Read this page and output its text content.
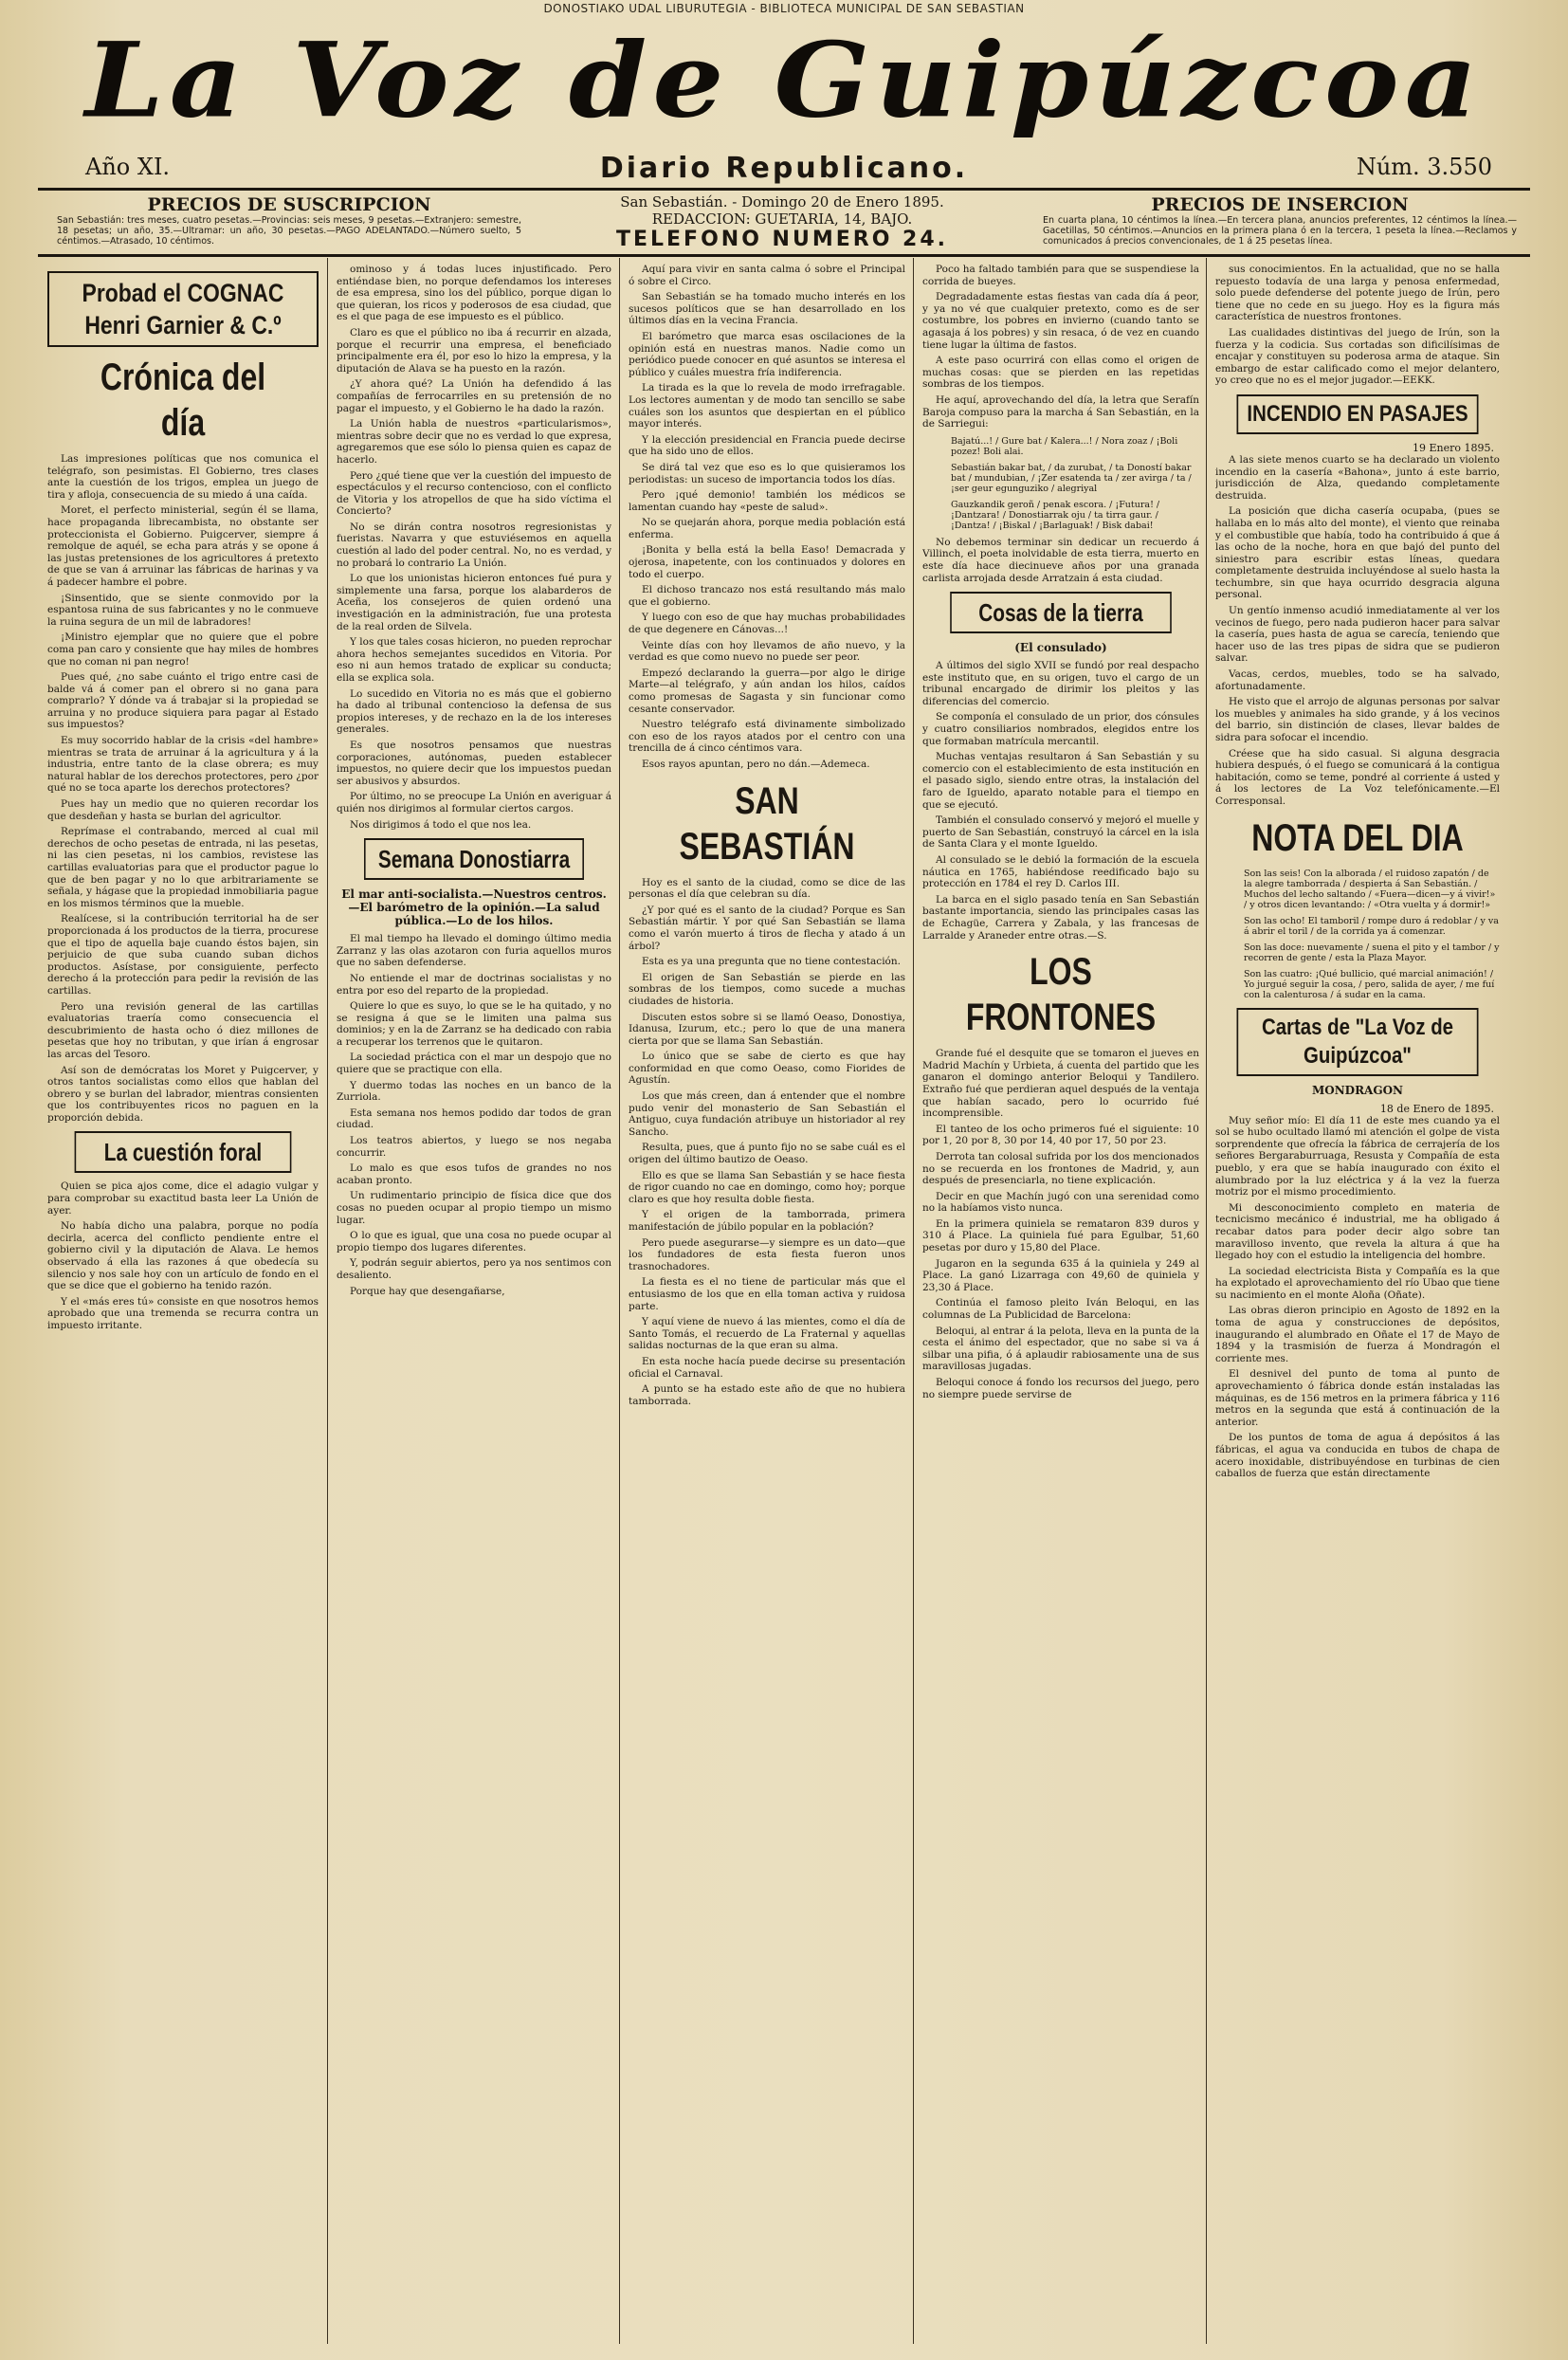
DONOSTIAKO UDAL LIBURUTEGIA - BIBLIOTECA MUNICIPAL DE SAN SEBASTIAN
La Voz de Guipúzcoa
Año XI.	Diario Republicano.	Núm. 3.550
PRECIOS DE SUSCRIPCION
San Sebastián: tres meses, cuatro pesetas.—Provincias: seis meses, 9 pesetas.—Extranjero: semestre, 18 pesetas; un año, 35.—Ultramar: un año, 30 pesetas.—PAGO ADELANTADO.—Número suelto, 5 céntimos.—Atrasado, 10 céntimos.
San Sebastián. - Domingo 20 de Enero 1895.
REDACCION: GUETARIA, 14, BAJO.
TELEFONO NUMERO 24.
PRECIOS DE INSERCION
En cuarta plana, 10 céntimos la línea.—En tercera plana, anuncios preferentes, 12 céntimos la línea.—Gacetillas, 50 céntimos.—Anuncios en la primera plana ó en la tercera, 1 peseta la línea.—Reclamos y comunicados á precios convencionales, de 1 á 25 pesetas línea.
Probad el COGNAC
Henri Garnier & C.º
Crónica del día

Las impresiones políticas que nos comunica el telégrafo, son pesimistas. El Gobierno, tres clases ante la cuestión de los trigos, emplea un juego de tira y afloja, consecuencia de su miedo á una caída.

Moret, el perfecto ministerial, según él se llama, hace propaganda librecambista, no obstante ser proteccionista el Gobierno. Puigcerver, siempre á remolque de aquél, se echa para atrás y se opone á las justas pretensiones de los agricultores á pretexto de que se van á arruinar las fábricas de harinas y va á padecer hambre el pobre.

¡Sinsentido, que se siente conmovido por la espantosa ruina de sus fabricantes y no le conmueve la ruina segura de un mil de labradores!

¡Ministro ejemplar que no quiere que el pobre coma pan caro y consiente que hay miles de hombres que no coman ni pan negro!

Pues qué, ¿no sabe cuánto el trigo entre casi de balde vá á comer pan el obrero si no gana para comprarlo? Y dónde va á trabajar si la propiedad se arruina y no produce siquiera para pagar al Estado sus impuestos?

Es muy socorrido hablar de la crisis «del hambre» mientras se trata de arruinar á la agricultura y á la industria, entre tanto de la clase obrera; es muy natural hablar de los derechos protectores, pero ¿por qué no se toca aparte los derechos protectores?

Pues hay un medio que no quieren recordar los que desdeñan y hasta se burlan del agricultor.

Reprímase el contrabando, merced al cual mil derechos de ocho pesetas de entrada, ni las pesetas, ni las cien pesetas, ni los cambios, revistese las cartillas evaluatorias para que el productor pague lo que de ben pagar y no lo que arbitrariamente se señala, y hágase que la propiedad inmobiliaria pague en los mismos términos que la mueble.

Realícese, si la contribución territorial ha de ser proporcionada á los productos de la tierra, procurese que el tipo de aquella baje cuando éstos bajen, sin perjuicio de que suba cuando suban dichos productos. Asístase, por consiguiente, perfecto derecho á la protección para pedir la revisión de las cartillas.

Pero una revisión general de las cartillas evaluatorias traería como consecuencia el descubrimiento de hasta ocho ó diez millones de pesetas que hoy no tributan, y que irían á engrosar las arcas del Tesoro.

Así son de demócratas los Moret y Puigcerver, y otros tantos socialistas como ellos que hablan del obrero y se burlan del labrador, mientras consienten que los contribuyentes ricos no paguen en la proporción debida.

La cuestión foral

Quien se pica ajos come, dice el adagio vulgar y para comprobar su exactitud basta leer La Unión de ayer.

No había dicho una palabra, porque no podía decirla, acerca del conflicto pendiente entre el gobierno civil y la diputación de Alava. Le hemos observado á ella las razones á que obedecía su silencio y nos sale hoy con un artículo de fondo en el que se dice que el gobierno ha tenido razón.

Y el «más eres tú» consiste en que nosotros hemos aprobado que una tremenda se recurra contra un impuesto irritante.

ominoso y á todas luces injustificado. Pero entiéndase bien, no porque defendamos los intereses de esa empresa, sino los del público, porque digan lo que quieran, los ricos y poderosos de esa ciudad, que es el que paga de ese impuesto es el público.

Claro es que el público no iba á recurrir en alzada, porque el recurrir una empresa, el beneficiado principalmente era él, por eso lo hizo la empresa, y la diputación de Alava se ha puesto en la razón.

¿Y ahora qué? La Unión ha defendido á las compañías de ferrocarriles en su pretensión de no pagar el impuesto, y el Gobierno le ha dado la razón.

La Unión habla de nuestros «particularismos», mientras sobre decir que no es verdad lo que expresa, agregaremos que ese sólo lo piensa quien es capaz de hacerlo.

Pero ¿qué tiene que ver la cuestión del impuesto de espectáculos y el recurso contencioso, con el conflicto de Vitoria y los atropellos de que ha sido víctima el Concierto?

No se dirán contra nosotros regresionistas y fueristas. Navarra y que estuviésemos en aquella cuestión al lado del poder central. No, no es verdad, y no probará lo contrario La Unión.

Lo que los unionistas hicieron entonces fué pura y simplemente una farsa, porque los alabarderos de Aceña, los consejeros de quien ordenó una investigación en la administración, fue una protesta de la real orden de Silvela.

Y los que tales cosas hicieron, no pueden reprochar ahora hechos semejantes sucedidos en Vitoria. Por eso ni aun hemos tratado de explicar su conducta; ella se explica sola.

Lo sucedido en Vitoria no es más que el gobierno ha dado al tribunal contencioso la defensa de sus propios intereses, y de rechazo en la de los intereses generales.

Es que nosotros pensamos que nuestras corporaciones, autónomas, pueden establecer impuestos, no quiere decir que los impuestos puedan ser abusivos y absurdos.

Por último, no se preocupe La Unión en averiguar á quién nos dirigimos al formular ciertos cargos.

Nos dirigimos á todo el que nos lea.

Semana Donostiarra
El mar anti-socialista.—Nuestros centros.—El barómetro de la opinión.—La salud pública.—Lo de los hilos.

El mal tiempo ha llevado el domingo último media Zarranz y las olas azotaron con furia aquellos muros que no saben defenderse.

No entiende el mar de doctrinas socialistas y no entra por eso del reparto de la propiedad.

Quiere lo que es suyo, lo que se le ha quitado, y no se resigna á que se le limiten una palma sus dominios; y en la de Zarranz se ha dedicado con rabia a recuperar los terrenos que le quitaron.

La sociedad práctica con el mar un despojo que no quiere que se practique con ella.

Y duermo todas las noches en un banco de la Zurriola.

Esta semana nos hemos podido dar todos de gran ciudad.

Los teatros abiertos, y luego se nos negaba concurrir.

Lo malo es que esos tufos de grandes no nos acaban pronto.

Un rudimentario principio de física dice que dos cosas no pueden ocupar al propio tiempo un mismo lugar.

O lo que es igual, que una cosa no puede ocupar al propio tiempo dos lugares diferentes.

Y, podrán seguir abiertos, pero ya nos sentimos con desaliento.

Porque hay que desengañarse,

Aquí para vivir en santa calma ó sobre el Principal ó sobre el Circo.

San Sebastián se ha tomado mucho interés en los sucesos políticos que se han desarrollado en los últimos días en la vecina Francia.

El barómetro que marca esas oscilaciones de la opinión está en nuestras manos. Nadie como un periódico puede conocer en qué asuntos se interesa el público y cuáles muestra fría indiferencia.

La tirada es la que lo revela de modo irrefragable. Los lectores aumentan y de modo tan sencillo se sabe cuáles son los asuntos que despiertan en el público mayor interés.

Y la elección presidencial en Francia puede decirse que ha sido uno de ellos.

Se dirá tal vez que eso es lo que quisieramos los periodistas: un suceso de importancia todos los días.

Pero ¡qué demonio! también los médicos se lamentan cuando hay «peste de salud».

No se quejarán ahora, porque media población está enferma.

¡Bonita y bella está la bella Easo! Demacrada y ojerosa, inapetente, con los continuados y dolores en todo el cuerpo.

El dichoso trancazo nos está resultando más malo que el gobierno.

Y luego con eso de que hay muchas probabilidades de que degenere en Cánovas...!

Veinte días con hoy llevamos de año nuevo, y la verdad es que como nuevo no puede ser peor.

Empezó declarando la guerra—por algo le dirige Marte—al telégrafo, y aún andan los hilos, caídos como promesas de Sagasta y sin funcionar como cesante conservador.

Nuestro telégrafo está divinamente simbolizado con eso de los rayos atados por el centro con una trencilla de á cinco céntimos vara.

Esos rayos apuntan, pero no dán.—Ademeca.

SAN SEBASTIÁN

Hoy es el santo de la ciudad, como se dice de las personas el día que celebran su día.

¿Y por qué es el santo de la ciudad? Porque es San Sebastián mártir. Y por qué San Sebastián se llama como el varón muerto á tiros de flecha y atado á un árbol?

Esta es ya una pregunta que no tiene contestación.

El origen de San Sebastián se pierde en las sombras de los tiempos, como sucede a muchas ciudades de historia.

Discuten estos sobre si se llamó Oeaso, Donostiya, Idanusa, Izurum, etc.; pero lo que de una manera cierta por que se llama San Sebastián.

Lo único que se sabe de cierto es que hay conformidad en que como Oeaso, como Fiorides de Agustín.

Los que más creen, dan á entender que el nombre pudo venir del monasterio de San Sebastián el Antiguo, cuya fundación atribuye un historiador al rey Sancho.

Resulta, pues, que á punto fijo no se sabe cuál es el origen del último bautizo de Oeaso.

Ello es que se llama San Sebastián y se hace fiesta de rigor cuando no cae en domingo, como hoy; porque claro es que hoy resulta doble fiesta.

Y el origen de la tamborrada, primera manifestación de júbilo popular en la población?

Pero puede asegurarse—y siempre es un dato—que los fundadores de esta fiesta fueron unos trasnochadores.

La fiesta es el no tiene de particular más que el entusiasmo de los que en ella toman activa y ruidosa parte.

Y aquí viene de nuevo á las mientes, como el día de Santo Tomás, el recuerdo de La Fraternal y aquellas salidas nocturnas de la que eran su alma.

En esta noche hacía puede decirse su presentación oficial el Carnaval.

A punto se ha estado este año de que no hubiera tamborrada.

Poco ha faltado también para que se suspendiese la corrida de bueyes.

Degradadamente estas fiestas van cada día á peor, y ya no vé que cualquier pretexto, como es de ser costumbre, los pobres en invierno (cuando tanto se agasaja á los pobres) y sin resaca, ó de vez en cuando tiene lugar la última de fastos.

A este paso ocurrirá con ellas como el origen de muchas cosas: que se pierden en las repetidas sombras de los tiempos.

He aquí, aprovechando del día, la letra que Serafín Baroja compuso para la marcha á San Sebastián, en la de Sarriegui:

Bajatú...! / Gure bat / Kalera...! / Nora zoaz / ¡Boli pozez! Boli alai.
Sebastián bakar bat, / da zurubat, / ta Doností bakar bat / mundubian, / ¡Zer esatenda ta / zer avirga / ta / ¡ser geur egunguziko / alegriyal
Gauzkandik geroñ / penak escora. / ¡Futura! / ¡Dantzara! / Donostiarrak oju / ta tirra gaur. / ¡Dantza! / ¡Biskal / ¡Barlaguak! / Bisk dabai!

No debemos terminar sin dedicar un recuerdo á Villinch, el poeta inolvidable de esta tierra, muerto en este día hace diecinueve años por una granada carlista arrojada desde Arratzain á esta ciudad.

Cosas de la tierra
(El consulado)

A últimos del siglo XVII se fundó por real despacho este instituto que, en su origen, tuvo el cargo de un tribunal encargado de dirimir los pleitos y las diferencias del comercio.

Se componía el consulado de un prior, dos cónsules y cuatro consiliarios nombrados, elegidos entre los que formaban matrícula mercantil.

Muchas ventajas resultaron á San Sebastián y su comercio con el establecimiento de esta institución en el pasado siglo, siendo entre otras, la instalación del faro de Igueldo, aparato notable para el tiempo en que se ejecutó.

También el consulado conservó y mejoró el muelle y puerto de San Sebastián, construyó la cárcel en la isla de Santa Clara y el monte Igueldo.

Al consulado se le debió la formación de la escuela náutica en 1765, habiéndose reedificado bajo su protección en 1784 el rey D. Carlos III.

La barca en el siglo pasado tenía en San Sebastián bastante importancia, siendo las principales casas las de Echagüe, Carrera y Zabala, y las francesas de Larralde y Araneder entre otras.—S.

LOS FRONTONES

Grande fué el desquite que se tomaron el jueves en Madrid Machín y Urbieta, á cuenta del partido que les ganaron el domingo anterior Beloqui y Tandilero. Extraño fué que perdieran aquel después de la ventaja que habían sacado, pero lo ocurrido fué incomprensible.

El tanteo de los ocho primeros fué el siguiente: 10 por 1, 20 por 8, 30 por 14, 40 por 17, 50 por 23.

Derrota tan colosal sufrida por los dos mencionados no se recuerda en los frontones de Madrid, y, aun después de presenciarla, no tiene explicación.

Decir en que Machín jugó con una serenidad como no la habíamos visto nunca.

En la primera quiniela se remataron 839 duros y 310 á Place. La quiniela fué para Egulbar, 51,60 pesetas por duro y 15,80 del Place.

Jugaron en la segunda 635 á la quiniela y 249 al Place. La ganó Lizarraga con 49,60 de quiniela y 23,30 á Place.

Continúa el famoso pleito Iván Beloqui, en las columnas de La Publicidad de Barcelona:

Beloqui, al entrar á la pelota, lleva en la punta de la cesta el ánimo del espectador, que no sabe si va á silbar una pifia, ó á aplaudir rabiosamente una de sus maravillosas jugadas.

Beloqui conoce á fondo los recursos del juego, pero no siempre puede servirse de

sus conocimientos. En la actualidad, que no se halla repuesto todavía de una larga y penosa enfermedad, solo puede defenderse del potente juego de Irún, pero tiene que no cede en su juego. Hoy es la figura más característica de nuestros frontones.

Las cualidades distintivas del juego de Irún, son la fuerza y la codicia. Sus cortadas son dificilísimas de encajar y constituyen su poderosa arma de ataque. Sin embargo de estar calificado como el mejor delantero, yo creo que no es el mejor jugador.—EEKK.

INCENDIO EN PASAJES
19 Enero 1895.

A las siete menos cuarto se ha declarado un violento incendio en la casería «Bahona», junto á este barrio, jurisdicción de Alza, quedando completamente destruida.

La posición que dicha casería ocupaba, (pues se hallaba en lo más alto del monte), el viento que reinaba y el combustible que había, todo ha contribuido á que á las ocho de la noche, hora en que bajó del punto del siniestro para escribir estas líneas, quedara completamente destruida incluyéndose al suelo hasta la techumbre, sin que haya ocurrido desgracia alguna personal.

Un gentío inmenso acudió inmediatamente al ver los vecinos de fuego, pero nada pudieron hacer para salvar la casería, pues hasta de agua se carecía, teniendo que hacer uso de las tres pipas de sidra que se pudieron salvar.

Vacas, cerdos, muebles, todo se ha salvado, afortunadamente.

He visto que el arrojo de algunas personas por salvar los muebles y animales ha sido grande, y á los vecinos del barrio, sin distinción de clases, llevar baldes de sidra para sofocar el incendio.

Créese que ha sido casual. Si alguna desgracia hubiera después, ó el fuego se comunicará á la contigua habitación, como se teme, pondré al corriente á usted y á los lectores de La Voz telefónicamente.—El Corresponsal.

NOTA DEL DIA
Son las seis! Con la alborada / el ruidoso zapatón / de la alegre tamborrada / despierta á San Sebastián. / Muchos del lecho saltando / «Fuera—dicen—y á vivir!» / y otros dicen levantando: / «Otra vuelta y á dormir!»
Son las ocho! El tamboril / rompe duro á redoblar / y va á abrir el toril / de la corrida ya á comenzar.
Son las doce: nuevamente / suena el pito y el tambor / y recorren de gente / esta la Plaza Mayor.
Son las cuatro: ¡Qué bullicio, qué marcial animación! / Yo jurgué seguir la cosa, / pero, salida de ayer, / me fuí con la calenturosa / á sudar en la cama.
Cartas de "La Voz de Guipúzcoa"
MONDRAGON
18 de Enero de 1895.

Muy señor mío: El día 11 de este mes cuando ya el sol se hubo ocultado llamó mi atención el golpe de vista sorprendente que ofrecía la fábrica de cerrajería de los señores Bergaraburruaga, Resusta y Compañía de esta pueblo, y era que se había inaugurado con éxito el alumbrado por la luz eléctrica y á la vez la fuerza motriz por el mismo procedimiento.

Mi desconocimiento completo en materia de tecnicismo mecánico é industrial, me ha obligado á recabar datos para poder decir algo sobre tan maravilloso invento, que revela la altura á que ha llegado hoy con el estudio la inteligencia del hombre.

La sociedad electricista Bista y Compañía es la que ha explotado el aprovechamiento del río Ubao que tiene su nacimiento en el monte Aloña (Oñate).

Las obras dieron principio en Agosto de 1892 en la toma de agua y construcciones de depósitos, inaugurando el alumbrado en Oñate el 17 de Mayo de 1894 y la trasmisión de fuerza á Mondragón el corriente mes.

El desnivel del punto de toma al punto de aprovechamiento ó fábrica donde están instaladas las máquinas, es de 156 metros en la primera fábrica y 116 metros en la segunda que está á continuación de la anterior.

De los puntos de toma de agua á depósitos á las fábricas, el agua va conducida en tubos de chapa de acero inoxidable, distribuyéndose en turbinas de cien caballos de fuerza que están directamente
